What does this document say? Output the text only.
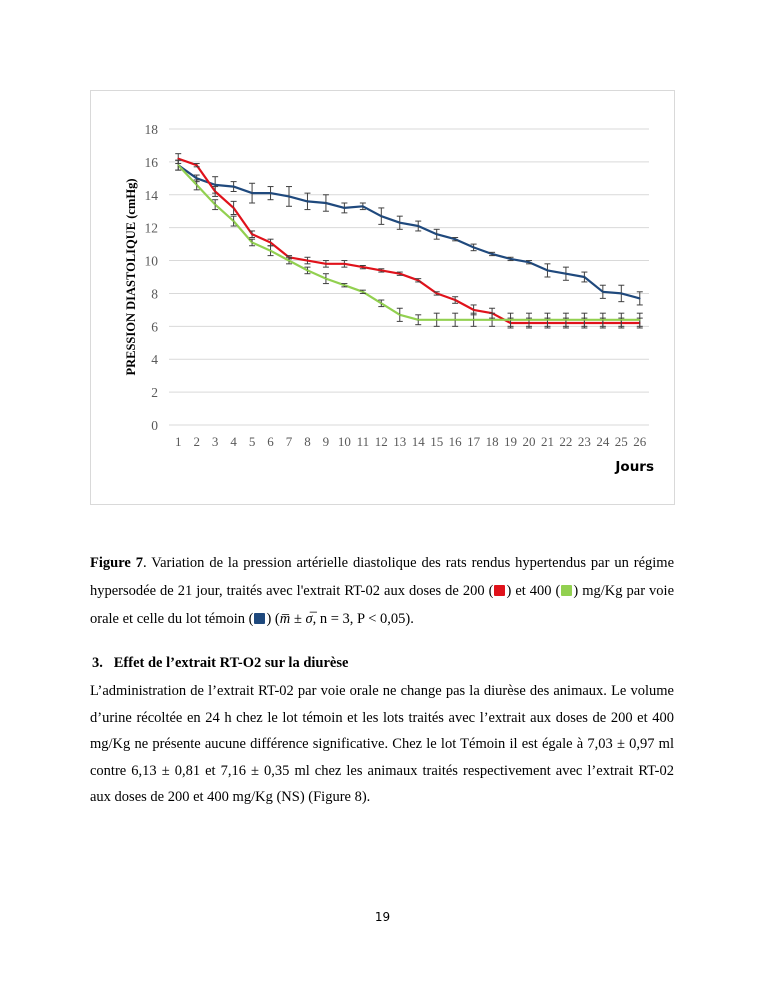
0
2
4
6
8
10
12
14
16
18
1 2 3 4 5 6 7 8 9 10 11 12 13 14 15 16 17 18 19 20 21 22 23 24 25 26
PRESSION DIASTOLIQUE (cmHg)
Jours
Figure 7. Variation de la pression artérielle diastolique des rats rendus hypertendus par un régime hypersodée de 21 jour, traités avec l'extrait RT-02 aux doses de 200 ( ) et 400 ( ) mg/Kg par voie orale et celle du lot témoin ( ) (m̅ ± σ̅, n = 3, P < 0,05).
3. Effet de l’extrait RT-O2 sur la diurèse
L’administration de l’extrait RT-02 par voie orale ne change pas la diurèse des animaux. Le volume d’urine récoltée en 24 h chez le lot témoin et les lots traités avec l’extrait aux doses de 200 et 400 mg/Kg ne présente aucune différence significative. Chez le lot Témoin il est égale à 7,03 ± 0,97 ml contre 6,13 ± 0,81 et 7,16 ± 0,35 ml chez les animaux traités respectivement avec l’extrait RT-02 aux doses de 200 et 400 mg/Kg (NS) (Figure 8).
19
